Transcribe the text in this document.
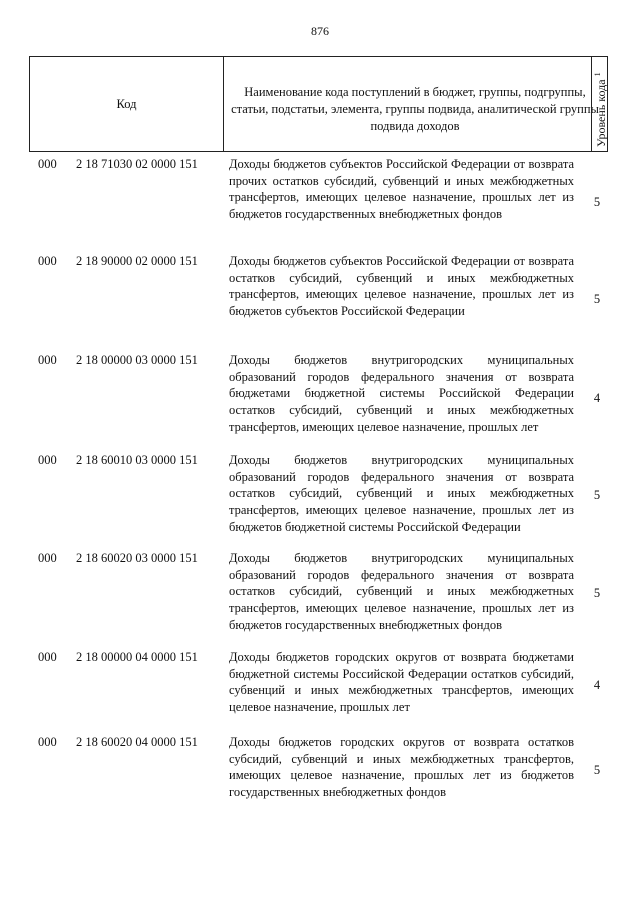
876
Код
Наименование кода поступлений в бюджет, группы, подгруппы, статьи, подстатьи, элемента, группы подвида, аналитической группы подвида доходов	Уровень кода $^1$
000 2 18 71030 02 0000 151 Доходы бюджетов субъектов Российской Федерации от возврата прочих остатков субсидий, субвенций и иных межбюджетных трансфертов, имеющих целевое назначение, прошлых лет из бюджетов государственных внебюджетных фондов
5
000 2 18 90000 02 0000 151 Доходы бюджетов субъектов Российской Федерации от возврата остатков субсидий, субвенций и иных межбюджетных трансфертов, имеющих целевое назначение, прошлых лет из бюджетов субъектов Российской Федерации
5
000 2 18 00000 03 0000 151 Доходы бюджетов внутригородских муниципальных образований городов федерального значения от возврата бюджетами бюджетной системы Российской Федерации остатков субсидий, субвенций и иных межбюджетных трансфертов, имеющих целевое назначение, прошлых лет
4
000 2 18 60010 03 0000 151 Доходы бюджетов внутригородских муниципальных образований городов федерального значения от возврата остатков субсидий, субвенций и иных межбюджетных трансфертов, имеющих целевое назначение, прошлых лет из бюджетов бюджетной системы Российской Федерации
5
000 2 18 60020 03 0000 151 Доходы бюджетов внутригородских муниципальных образований городов федерального значения от возврата остатков субсидий, субвенций и иных межбюджетных трансфертов, имеющих целевое назначение, прошлых лет из бюджетов государственных внебюджетных фондов
5
000 2 18 00000 04 0000 151 Доходы бюджетов городских округов от возврата бюджетами бюджетной системы Российской Федерации остатков субсидий, субвенций и иных межбюджетных трансфертов, имеющих целевое назначение, прошлых лет
4
000 2 18 60020 04 0000 151 Доходы бюджетов городских округов от возврата остатков субсидий, субвенций и иных межбюджетных трансфертов, имеющих целевое назначение, прошлых лет из бюджетов государственных внебюджетных фондов
5
